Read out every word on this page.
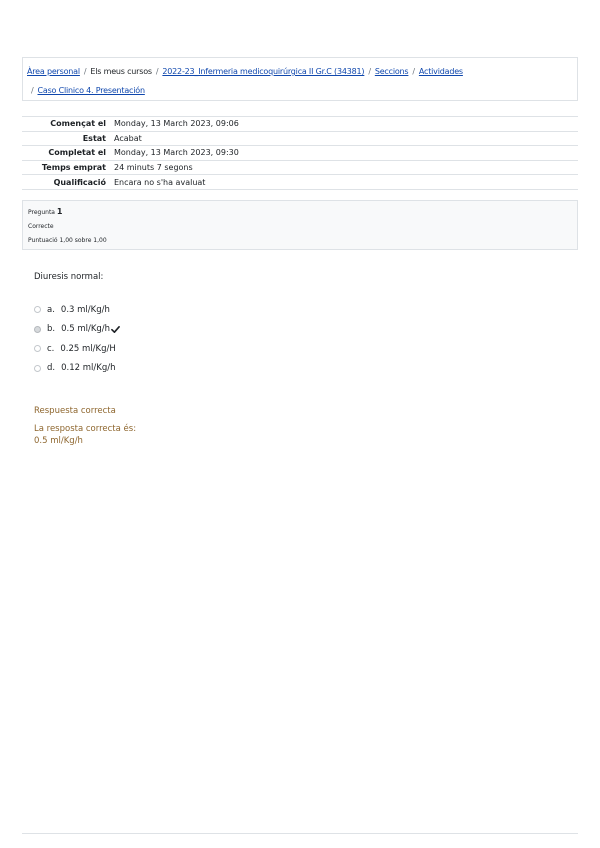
Àrea personal / Els meus cursos / 2022-23_Infermeria medicoquirúrgica II Gr.C (34381) / Seccions / Actividades
/ Caso Clinico 4. Presentación
Començat el	Monday, 13 March 2023, 09:06
Estat	Acabat
Completat el	Monday, 13 March 2023, 09:30
Temps emprat	24 minuts 7 segons
Qualificació	Encara no s'ha avaluat
Pregunta 1
Correcte
Puntuació 1,00 sobre 1,00
Diuresis normal:
a. 0.3 ml/Kg/h
b. 0.5 ml/Kg/h
c. 0.25 ml/Kg/H
d. 0.12 ml/Kg/h
Respuesta correcta
La resposta correcta és:
0.5 ml/Kg/h
